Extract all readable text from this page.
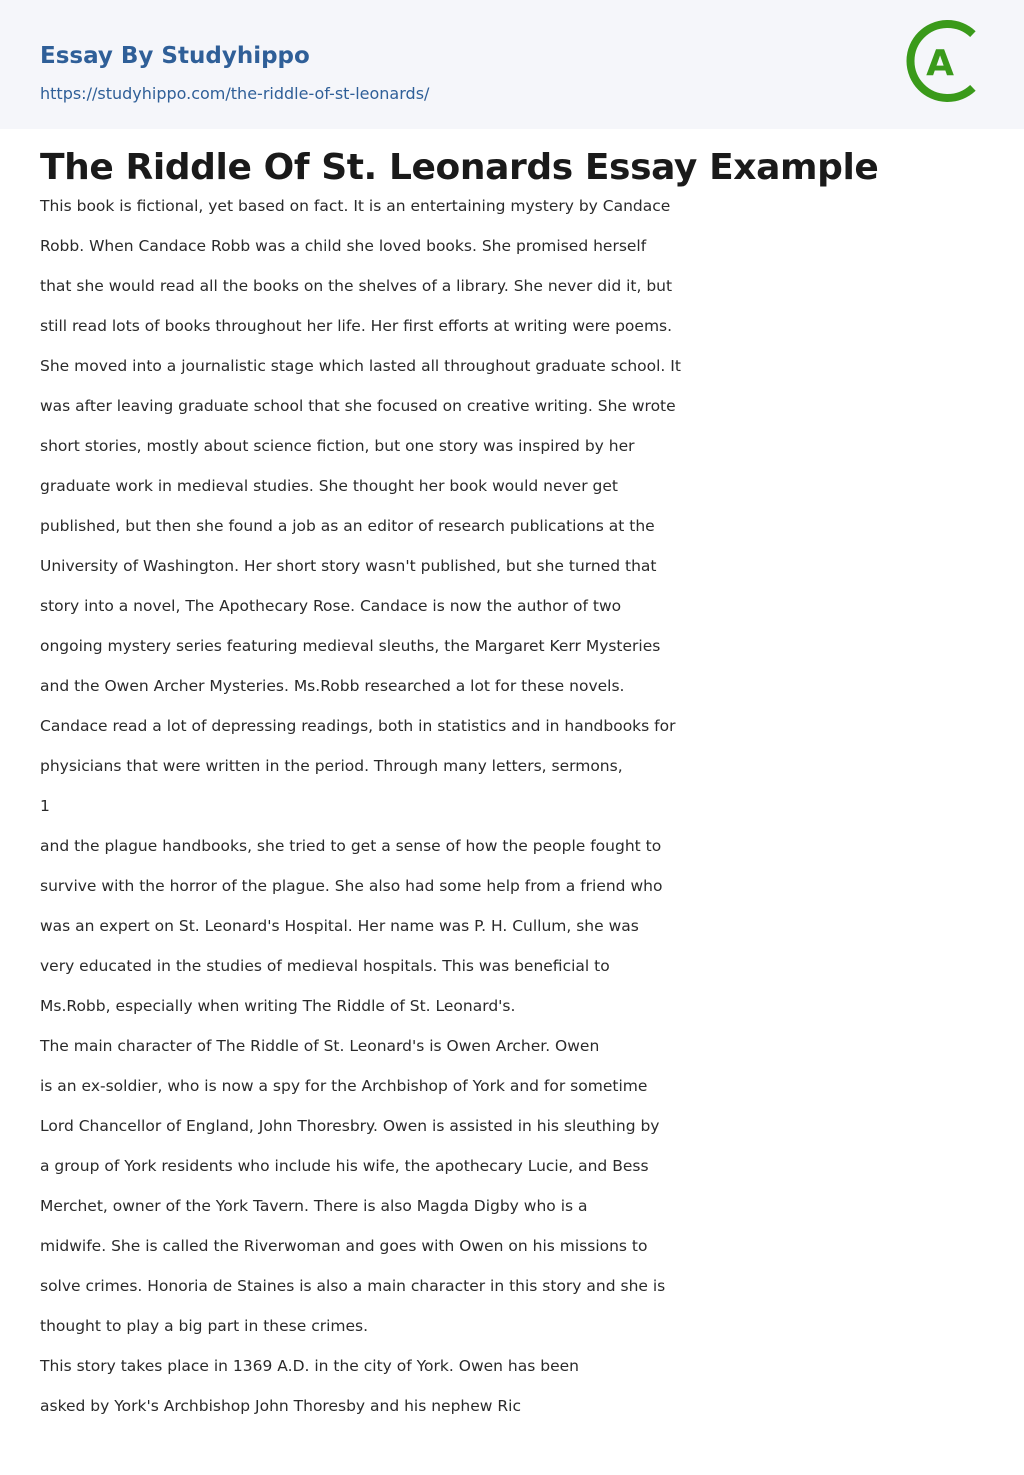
Essay By Studyhippo
https://studyhippo.com/the-riddle-of-st-leonards/
A
The Riddle Of St. Leonards Essay Example
This book is fictional, yet based on fact. It is an entertaining mystery by Candace
Robb. When Candace Robb was a child she loved books. She promised herself
that she would read all the books on the shelves of a library. She never did it, but
still read lots of books throughout her life. Her first efforts at writing were poems.
She moved into a journalistic stage which lasted all throughout graduate school. It
was after leaving graduate school that she focused on creative writing. She wrote
short stories, mostly about science fiction, but one story was inspired by her
graduate work in medieval studies. She thought her book would never get
published, but then she found a job as an editor of research publications at the
University of Washington. Her short story wasn't published, but she turned that
story into a novel, The Apothecary Rose. Candace is now the author of two
ongoing mystery series featuring medieval sleuths, the Margaret Kerr Mysteries
and the Owen Archer Mysteries. Ms.Robb researched a lot for these novels.
Candace read a lot of depressing readings, both in statistics and in handbooks for
physicians that were written in the period. Through many letters, sermons,
1
and the plague handbooks, she tried to get a sense of how the people fought to
survive with the horror of the plague. She also had some help from a friend who
was an expert on St. Leonard's Hospital. Her name was P. H. Cullum, she was
very educated in the studies of medieval hospitals. This was beneficial to
Ms.Robb, especially when writing The Riddle of St. Leonard's.
The main character of The Riddle of St. Leonard's is Owen Archer. Owen
is an ex-soldier, who is now a spy for the Archbishop of York and for sometime
Lord Chancellor of England, John Thoresbry. Owen is assisted in his sleuthing by
a group of York residents who include his wife, the apothecary Lucie, and Bess
Merchet, owner of the York Tavern. There is also Magda Digby who is a
midwife. She is called the Riverwoman and goes with Owen on his missions to
solve crimes. Honoria de Staines is also a main character in this story and she is
thought to play a big part in these crimes.
This story takes place in 1369 A.D. in the city of York. Owen has been
asked by York's Archbishop John Thoresby and his nephew Ric
